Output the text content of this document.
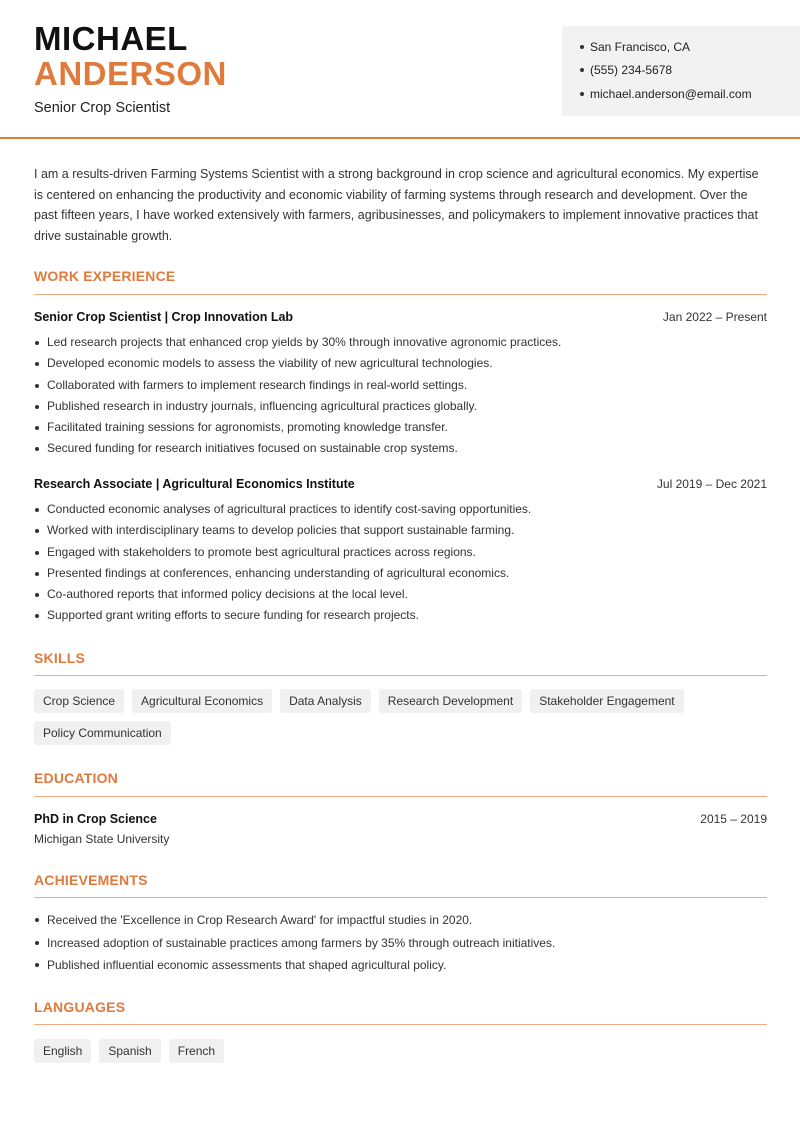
MICHAEL
ANDERSON
Senior Crop Scientist
San Francisco, CA
(555) 234-5678
michael.anderson@email.com
I am a results-driven Farming Systems Scientist with a strong background in crop science and agricultural economics. My expertise is centered on enhancing the productivity and economic viability of farming systems through research and development. Over the past fifteen years, I have worked extensively with farmers, agribusinesses, and policymakers to implement innovative practices that drive sustainable growth.
WORK EXPERIENCE
Senior Crop Scientist | Crop Innovation Lab	Jan 2022 – Present
Led research projects that enhanced crop yields by 30% through innovative agronomic practices.
Developed economic models to assess the viability of new agricultural technologies.
Collaborated with farmers to implement research findings in real-world settings.
Published research in industry journals, influencing agricultural practices globally.
Facilitated training sessions for agronomists, promoting knowledge transfer.
Secured funding for research initiatives focused on sustainable crop systems.
Research Associate | Agricultural Economics Institute	Jul 2019 – Dec 2021
Conducted economic analyses of agricultural practices to identify cost-saving opportunities.
Worked with interdisciplinary teams to develop policies that support sustainable farming.
Engaged with stakeholders to promote best agricultural practices across regions.
Presented findings at conferences, enhancing understanding of agricultural economics.
Co-authored reports that informed policy decisions at the local level.
Supported grant writing efforts to secure funding for research projects.
SKILLS
Crop Science	Agricultural Economics	Data Analysis	Research Development	Stakeholder Engagement
Policy Communication
EDUCATION
PhD in Crop Science	2015 – 2019
Michigan State University
ACHIEVEMENTS
Received the 'Excellence in Crop Research Award' for impactful studies in 2020.
Increased adoption of sustainable practices among farmers by 35% through outreach initiatives.
Published influential economic assessments that shaped agricultural policy.
LANGUAGES
English	Spanish	French
